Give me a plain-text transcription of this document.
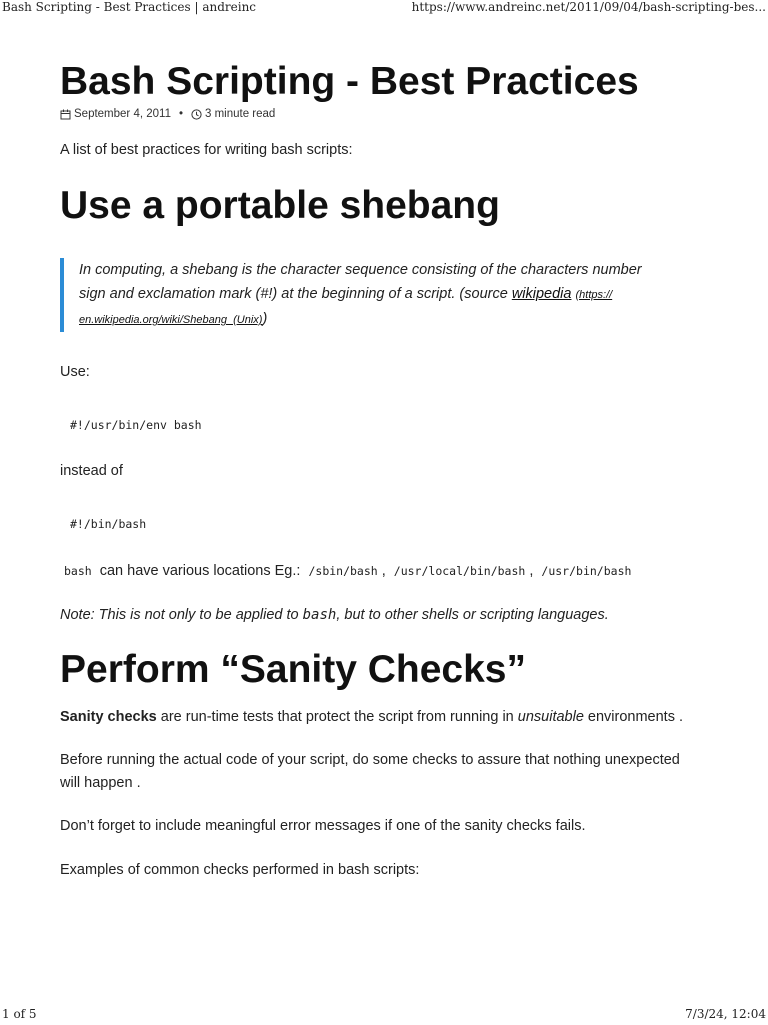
Bash Scripting - Best Practices | andreinc	https://www.andreinc.net/2011/09/04/bash-scripting-bes...
Bash Scripting - Best Practices
September 4, 2011 • 3 minute read

A list of best practices for writing bash scripts:

Use a portable shebang
In computing, a shebang is the character sequence consisting of the characters number
sign and exclamation mark (#!) at the beginning of a script. (source wikipedia (https://
en.wikipedia.org/wiki/Shebang_(Unix))

Use:

#!/usr/bin/env bash

instead of

#!/bin/bash

bash can have various locations Eg.: /sbin/bash , /usr/local/bin/bash , /usr/bin/bash

Note: This is not only to be applied to bash, but to other shells or scripting languages.

Perform “Sanity Checks”

Sanity checks are run-time tests that protect the script from running in unsuitable environments .

Before running the actual code of your script, do some checks to assure that nothing unexpected
will happen .

Don’t forget to include meaningful error messages if one of the sanity checks fails.

Examples of common checks performed in bash scripts:

1 of 5	7/3/24, 12:04
